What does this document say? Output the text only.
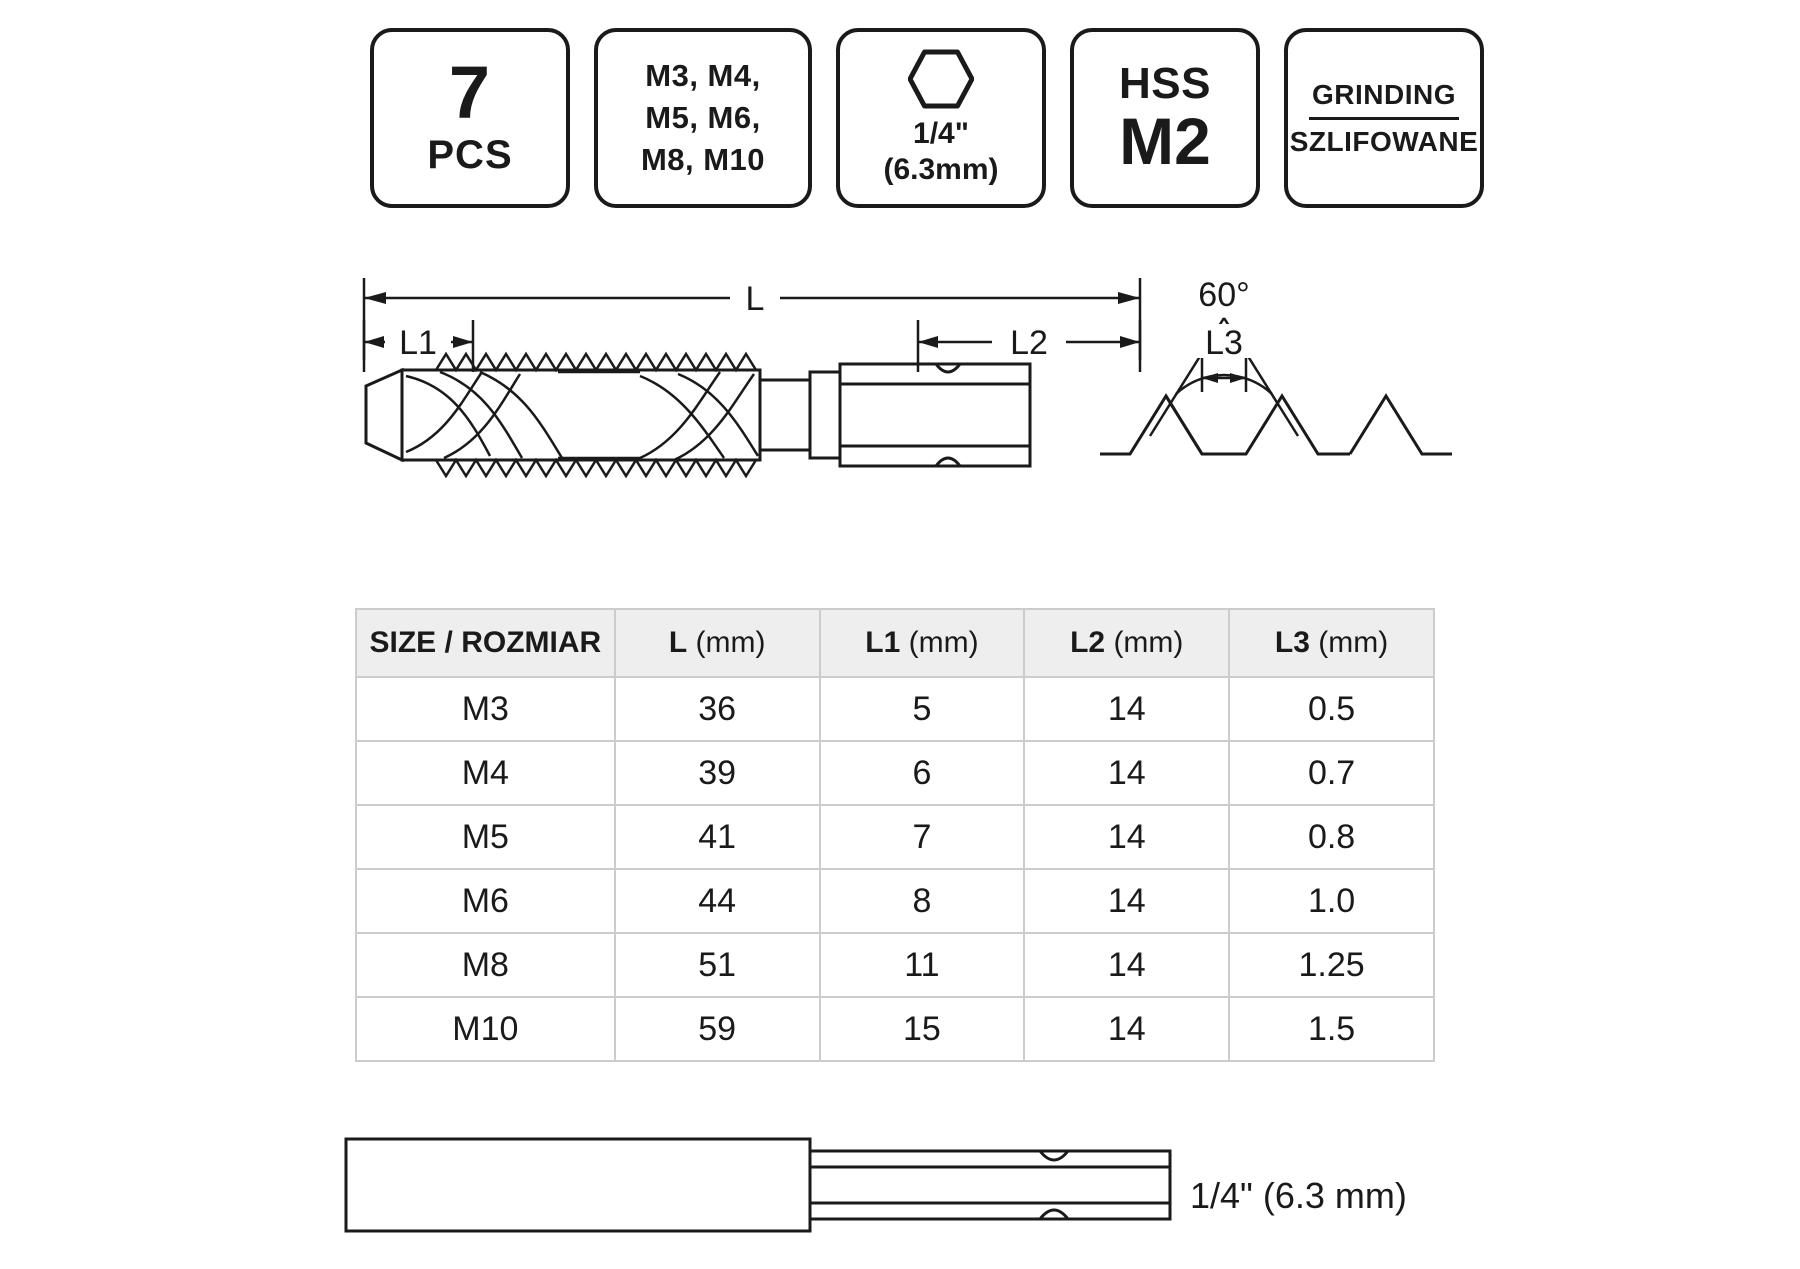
7
PCS
M3, M4,
M5, M6,
M8, M10
1/4"
(6.3mm)
HSS
M2
GRINDING
SZLIFOWANE
L
L1	L2
60°
L3
SIZE / ROZMIAR	L (mm)	L1 (mm)	L2 (mm)	L3 (mm)
M3	36	5	14	0.5
M4	39	6	14	0.7
M5	41	7	14	0.8
M6	44	8	14	1.0
M8	51	11	14	1.25
M10	59	15	14	1.5
1/4" (6.3 mm)
